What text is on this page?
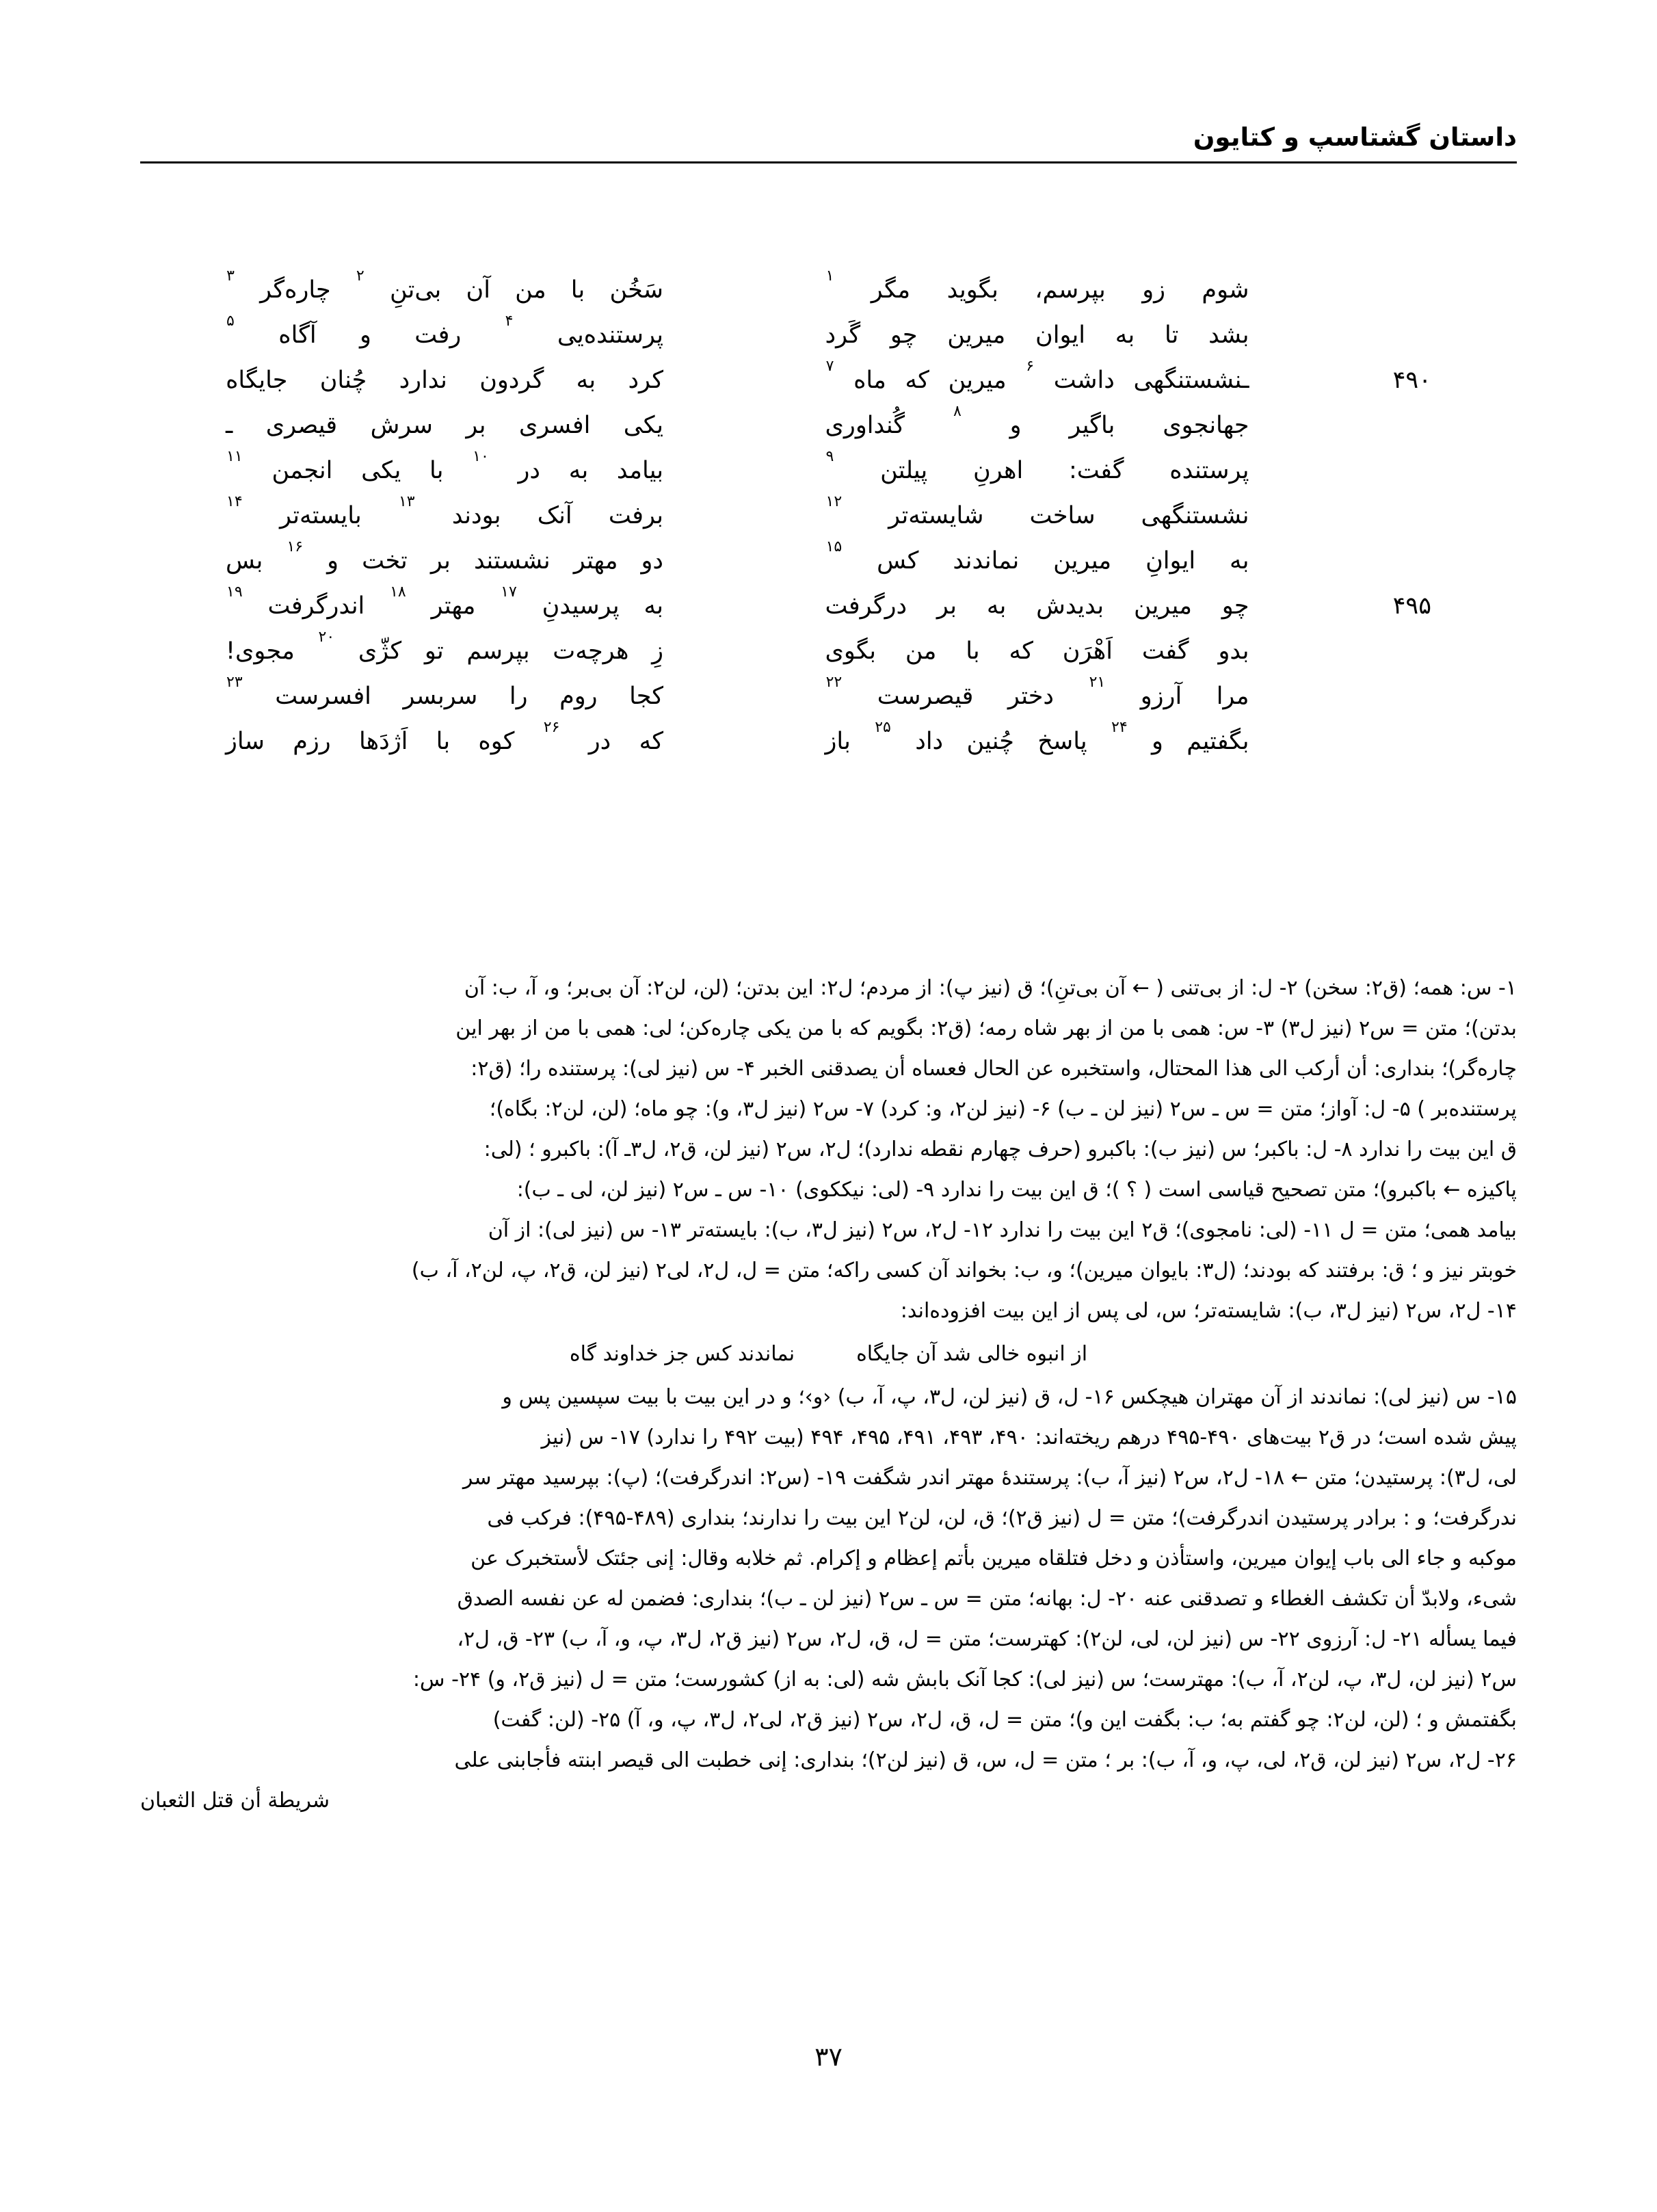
داستان گشتاسپ و کتایون
شوم
زو
بپرسم،
بگوید
مگر
۱
سَخُن
با
من
آن
بی‌تنِ
۲
چاره‌گر
۳
بشد
تا
به
ایوان
میرین
چو
گَرد
پرستنده‌یی
۴
رفت
و
آگاه
۵
۴۹۰
ـنشستنگهی
داشت
۶
میرین
که
ماه
۷
کرد
به
گردون
ندارد
چُنان
جایگاه
جهانجوی
باگیر
و
۸
گُنداوری
یکی
افسری
بر
سرش
قیصری
ـ
پرستنده
گفت:
اهرنِ
پیلتن
۹
بیامد
به
در
۱۰
با
یکی
انجمن
۱۱
نشستنگهی
ساخت
شایسته‌تر
۱۲
برفت
آنک
بودند
۱۳
بایسته‌تر
۱۴
به
ایوانِ
میرین
نماندند
کس
۱۵
دو
مهتر
نشستند
بر
تخت
و
۱۶
بس
۴۹۵
چو
میرین
بدیدش
به
بر
درگرفت
به
پرسیدنِ
۱۷
مهتر
۱۸
اندرگرفت
۱۹
بدو
گفت
اَهْرَن
که
با
من
بگوی
زِ
هرچه‌ت
بپرسم
تو
کژّی
۲۰
مجوی!
مرا
آرزو
۲۱
دختر
قیصرست
۲۲
کجا
روم
را
سربسر
افسرست
۲۳
بگفتیم
و
۲۴
پاسخ
چُنین
داد
۲۵
باز
که
در
۲۶
کوه
با
اَژدَها
رزم
ساز

۱- س: همه؛ (ق۲: سخن) ۲- ل: از بی‌تنی ( ← آن بی‌تنِ)؛ ق (نیز پ): از مردم؛ ل۲: این بدتن؛ (لن، لن۲: آن بی‌بر؛ و، آ، ب: آن

بدتن)؛ متن = س۲ (نیز ل۳) ۳- س: همی با من از بهر شاه رمه؛ (ق۲: بگویم که با من یکی چاره‌کن؛ لی: همی با من از بهر این

چاره‌گر)؛ بنداری: أن أرکب الی هذا المحتال، واستخبره عن الحال فعساه أن یصدقنی الخبر ۴- س (نیز لی): پرستنده را؛ (ق۲:

پرستنده‌بر ) ۵- ل: آواز؛ متن = س ـ س۲ (نیز لن ـ ب) ۶- (نیز لن۲، و: کرد) ۷- س۲ (نیز ل۳، و): چو ماه؛ (لن، لن۲: بگاه)؛

ق این بیت را ندارد ۸- ل: باکبر؛ س (نیز ب): باکبرو (حرف چهارم نقطه ندارد)؛ ل۲، س۲ (نیز لن، ق۲، ل۳ـ آ): باکبرو ؛ (لی:

پاکیزه ← باکبرو)؛ متن تصحیح قیاسی است ( ؟ )؛ ق این بیت را ندارد ۹- (لی: نیککوی) ۱۰- س ـ س۲ (نیز لن، لی ـ ب):

بیامد همی؛ متن = ل ۱۱- (لی: نامجوی)؛ ق۲ این بیت را ندارد ۱۲- ل۲، س۲ (نیز ل۳، ب): بایسته‌تر ۱۳- س (نیز لی): از آن

خوبتر نیز و ؛ ق: برفتند که بودند؛ (ل۳: بایوان میرین)؛ و، ب: بخواند آن کسی راکه؛ متن = ل، ل۲، لی۲ (نیز لن، ق۲، پ، لن۲، آ، ب)

۱۴- ل۲، س۲ (نیز ل۳، ب): شایسته‌تر؛ س، لی پس از این بیت افزوده‌اند:

از انبوه خالی شد آن جایگاهنماندند کس جز خداوند گاه

۱۵- س (نیز لی): نماندند از آن مهتران هیچکس ۱۶- ل، ق (نیز لن، ل۳، پ، آ، ب) ‹و›؛ و در این بیت با بیت سپسین پس و

پیش شده است؛ در ق۲ بیت‌های ۴۹۰-۴۹۵ درهم ریخته‌اند: ۴۹۰، ۴۹۳، ۴۹۱، ۴۹۵، ۴۹۴ (بیت ۴۹۲ را ندارد) ۱۷- س (نیز

لی، ل۳): پرستیدن؛ متن ← ۱۸- ل۲، س۲ (نیز آ، ب): پرستندهٔ مهتر اندر شگفت ۱۹- (س۲: اندرگرفت)؛ (پ): بپرسید مهتر سر

ندرگرفت؛ و : برادر پرستیدن اندرگرفت)؛ متن = ل (نیز ق۲)؛ ق، لن، لن۲ این بیت را ندارند؛ بنداری (۴۸۹-۴۹۵): فرکب فی

موکبه و جاء الی باب إیوان میرین، واستأذن و دخل فتلقاه میرین بأتم إعظام و إکرام. ثم خلابه وقال: إنی جئتک لأستخبرک عن

شیء، ولابدّ أن تکشف الغطاء و تصدقنی عنه ۲۰- ل: بهانه؛ متن = س ـ س۲ (نیز لن ـ ب)؛ بنداری: فضمن له عن نفسه الصدق

فیما یسأله ۲۱- ل: آرزوی ۲۲- س (نیز لن، لی، لن۲): کهترست؛ متن = ل، ق، ل۲، س۲ (نیز ق۲، ل۳، پ، و، آ، ب) ۲۳- ق، ل۲،

س۲ (نیز لن، ل۳، پ، لن۲، آ، ب): مهترست؛ س (نیز لی): کجا آنک بابش شه (لی: به از) کشورست؛ متن = ل (نیز ق۲، و) ۲۴- س:

بگفتمش و ؛ (لن، لن۲: چو گفتم به؛ ب: بگفت این و)؛ متن = ل، ق، ل۲، س۲ (نیز ق۲، لی۲، ل۳، پ، و، آ) ۲۵- (لن: گفت)

۲۶- ل۲، س۲ (نیز لن، ق۲، لی، پ، و، آ، ب): بر ؛ متن = ل، س، ق (نیز لن۲)؛ بنداری: إنی خطبت الی قیصر ابنته فأجابنی علی

شریطة أن قتل الثعبان

۳۷
